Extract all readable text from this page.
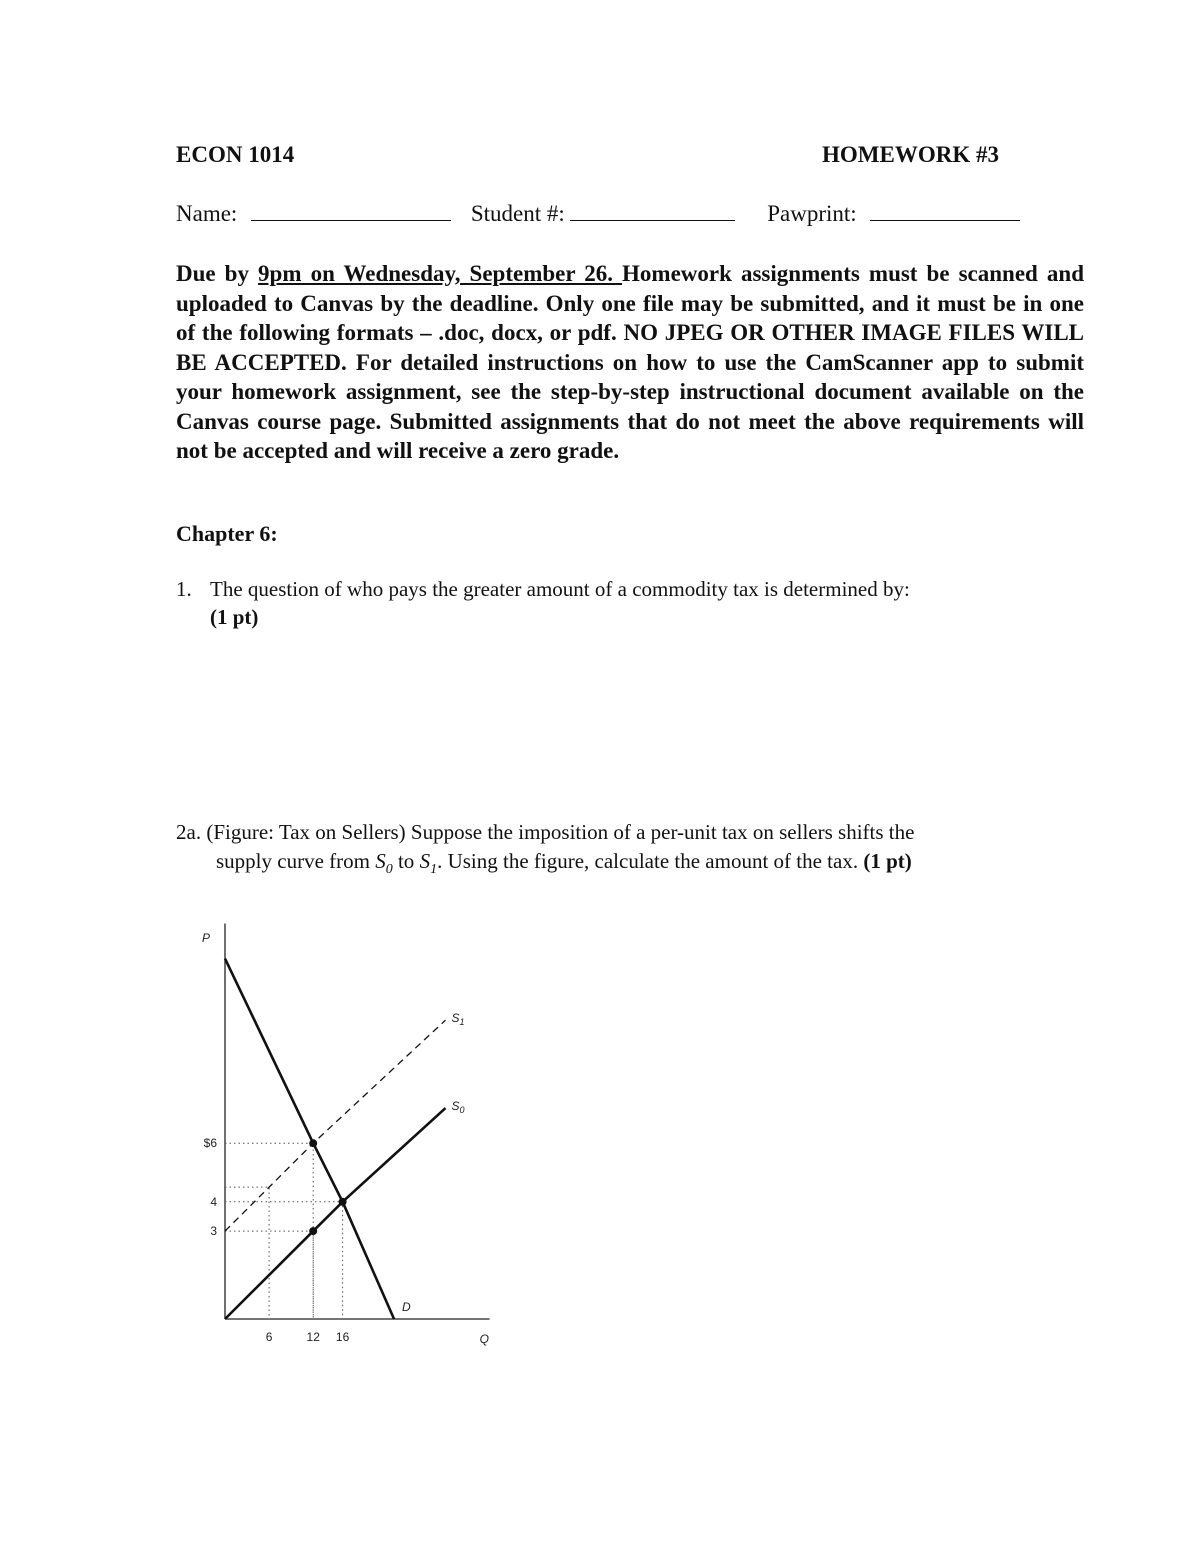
ECON 1014	HOMEWORK #3
Name:	Student #:	Pawprint:
Due by 9pm on Wednesday, September 26. Homework assignments must be scanned and uploaded to Canvas by the deadline. Only one file may be submitted, and it must be in one of the following formats – .doc, docx, or pdf. NO JPEG OR OTHER IMAGE FILES WILL BE ACCEPTED. For detailed instructions on how to use the CamScanner app to submit your homework assignment, see the step-by-step instructional document available on the Canvas course page. Submitted assignments that do not meet the above requirements will not be accepted and will receive a zero grade.
Chapter 6:
1. The question of who pays the greater amount of a commodity tax is determined by:
(1 pt)
2a. (Figure: Tax on Sellers) Suppose the imposition of a per-unit tax on sellers shifts the
supply curve from $S_0$ to $S_1$. Using the figure, calculate the amount of the tax. (1 pt)
D
$S_0$
$S_1$
P
Q
$6
4
3
6	12 16
